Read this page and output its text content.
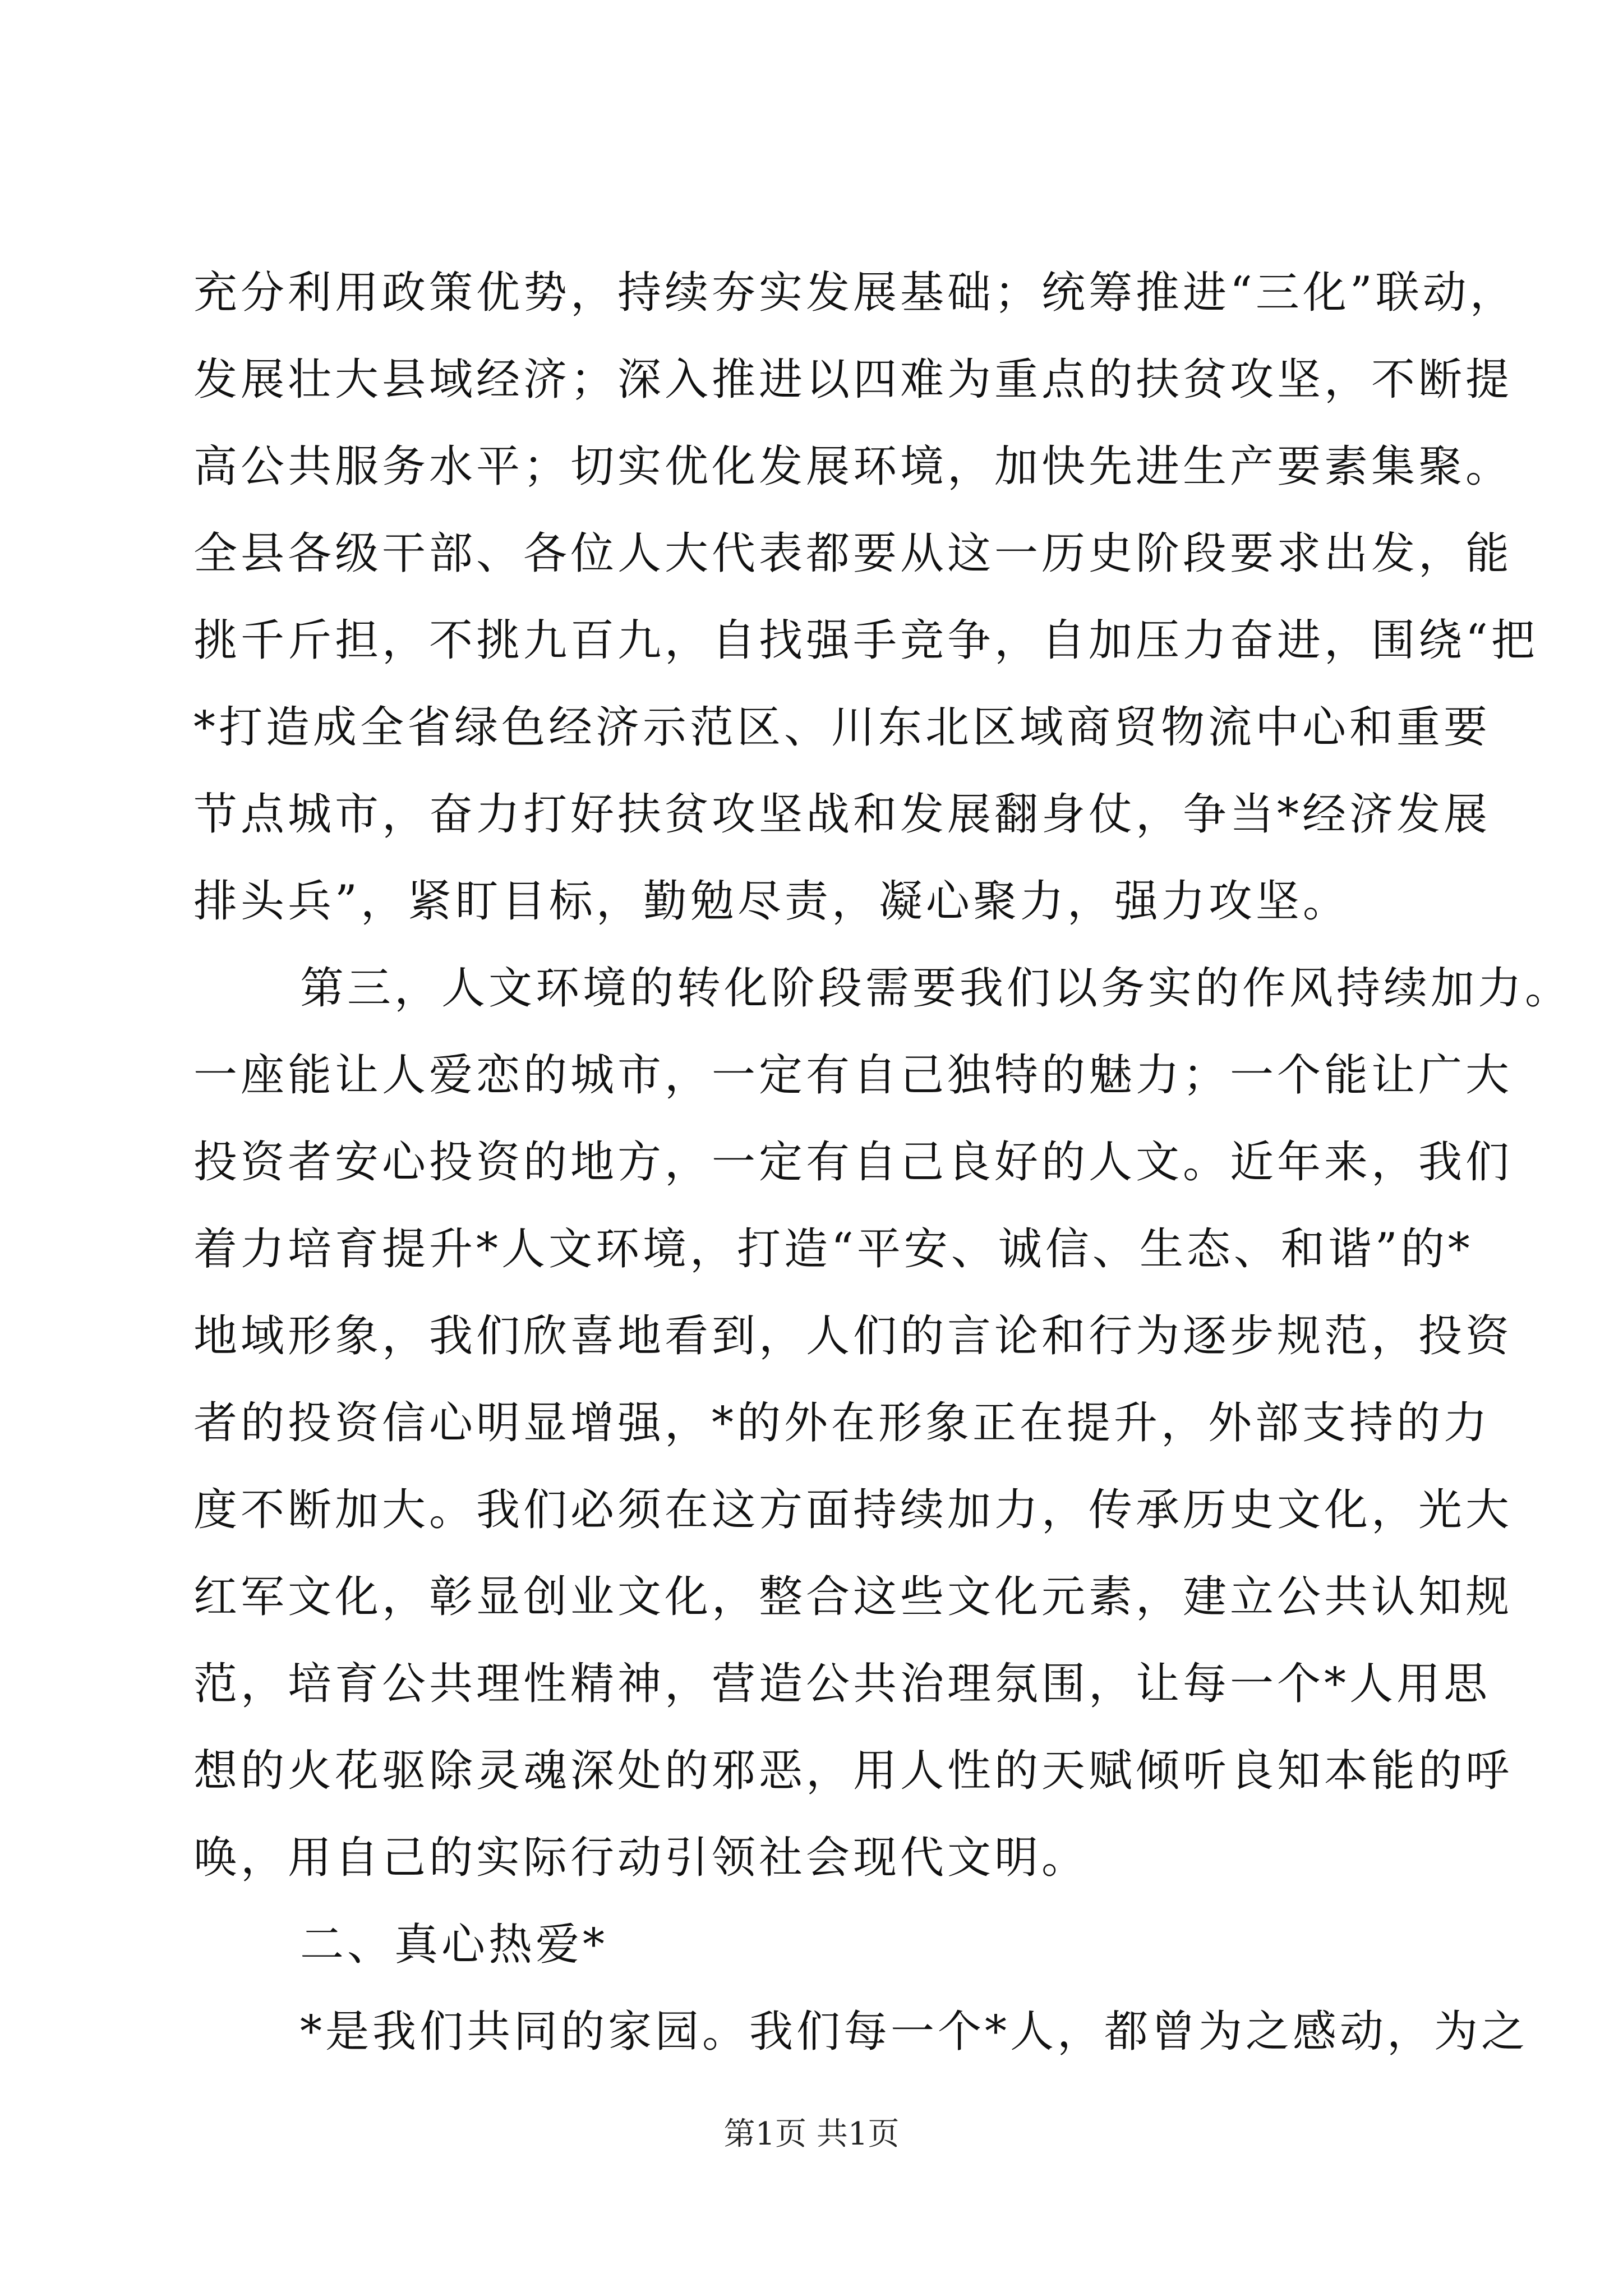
充分利用政策优势，持续夯实发展基础；统筹推进“三化”联动，
发展壮大县域经济；深入推进以四难为重点的扶贫攻坚，不断提
高公共服务水平；切实优化发展环境，加快先进生产要素集聚。
全县各级干部、各位人大代表都要从这一历史阶段要求出发，能
挑千斤担，不挑九百九，自找强手竞争，自加压力奋进，围绕“把
*打造成全省绿色经济示范区、川东北区域商贸物流中心和重要
节点城市，奋力打好扶贫攻坚战和发展翻身仗，争当*经济发展
排头兵”，紧盯目标，勤勉尽责，凝心聚力，强力攻坚。
第三，人文环境的转化阶段需要我们以务实的作风持续加力。
一座能让人爱恋的城市，一定有自己独特的魅力；一个能让广大
投资者安心投资的地方，一定有自己良好的人文。近年来，我们
着力培育提升*人文环境，打造“平安、诚信、生态、和谐”的*
地域形象，我们欣喜地看到，人们的言论和行为逐步规范，投资
者的投资信心明显增强，*的外在形象正在提升，外部支持的力
度不断加大。我们必须在这方面持续加力，传承历史文化，光大
红军文化，彰显创业文化，整合这些文化元素，建立公共认知规
范，培育公共理性精神，营造公共治理氛围，让每一个*人用思
想的火花驱除灵魂深处的邪恶，用人性的天赋倾听良知本能的呼
唤，用自己的实际行动引领社会现代文明。
二、真心热爱*
*是我们共同的家园。我们每一个*人，都曾为之感动，为之
第1页 共1页
